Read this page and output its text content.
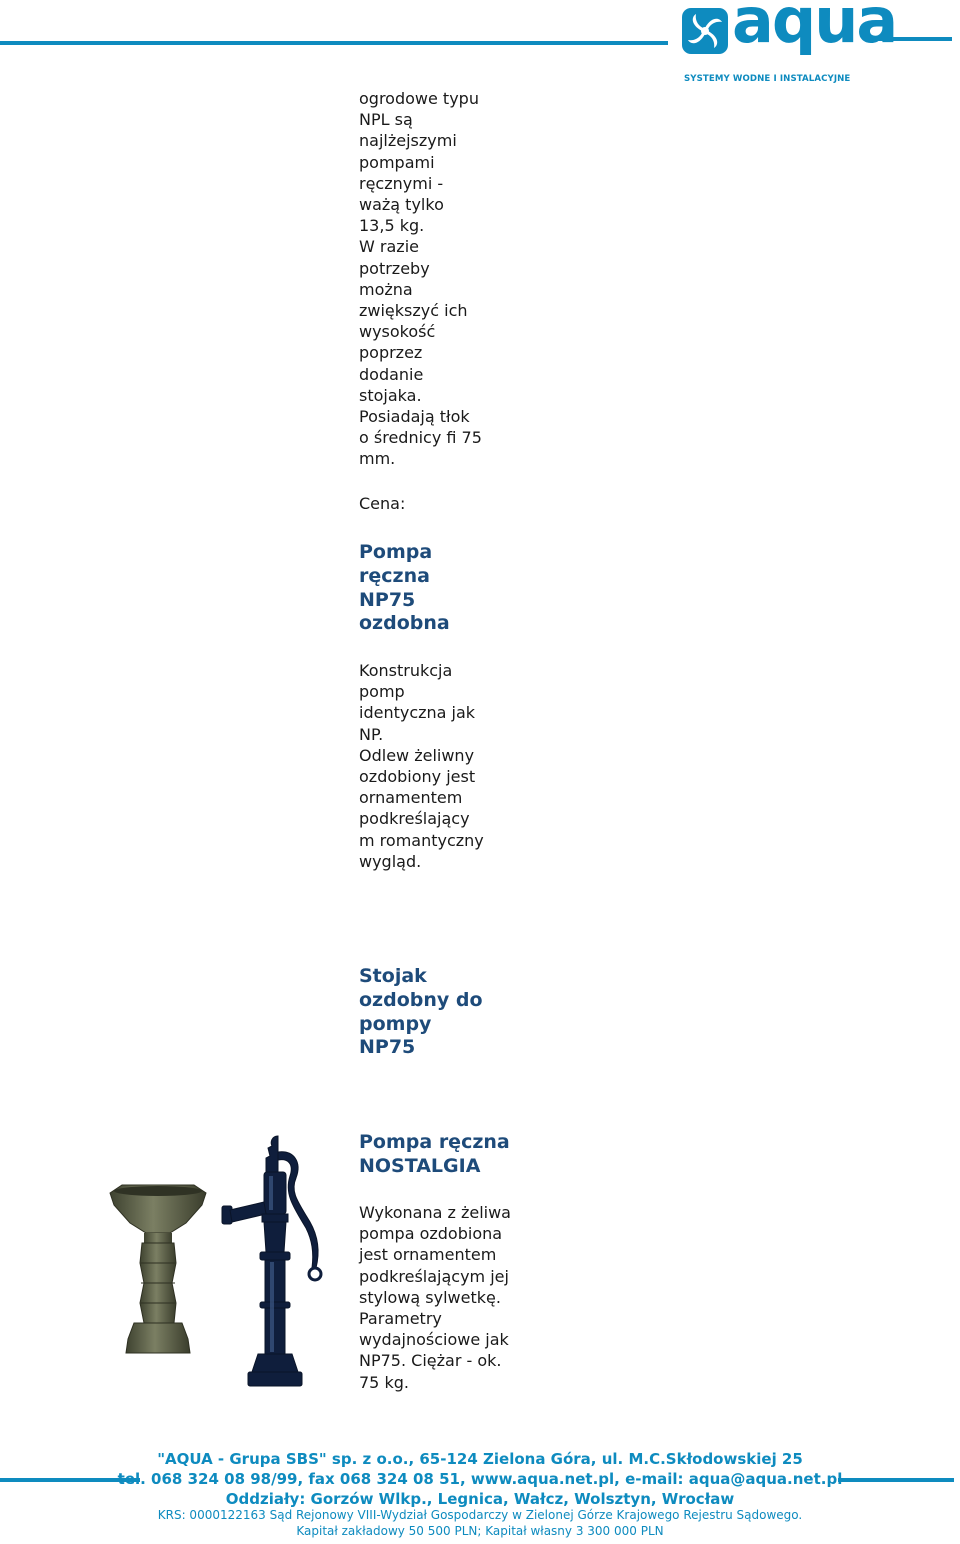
aqua
SYSTEMY WODNE I INSTALACYJNE
ogrodowe typu
NPL są
najlżejszymi
pompami
ręcznymi -
ważą tylko
13,5 kg.
W razie
potrzeby
można
zwiększyć ich
wysokość
poprzez
dodanie
stojaka.
Posiadają tłok
o średnicy fi 75
mm.
Cena:
Pompa
ręczna
NP75
ozdobna
Konstrukcja
pomp
identyczna jak
NP.
Odlew żeliwny
ozdobiony jest
ornamentem
podkreślający
m romantyczny
wygląd.
Stojak
ozdobny do
pompy
NP75
Pompa ręczna
NOSTALGIA
Wykonana z żeliwa
pompa ozdobiona
jest ornamentem
podkreślającym jej
stylową sylwetkę.
Parametry
wydajnościowe jak
NP75. Ciężar - ok.
75 kg.
"AQUA - Grupa SBS" sp. z o.o., 65-124 Zielona Góra, ul. M.C.Skłodowskiej 25
tel. 068 324 08 98/99, fax 068 324 08 51, www.aqua.net.pl, e-mail: aqua@aqua.net.pl
Oddziały: Gorzów Wlkp., Legnica, Wałcz, Wolsztyn, Wrocław
KRS: 0000122163 Sąd Rejonowy VIII-Wydział Gospodarczy w Zielonej Górze Krajowego Rejestru Sądowego.
Kapitał zakładowy 50 500 PLN; Kapitał własny 3 300 000 PLN
